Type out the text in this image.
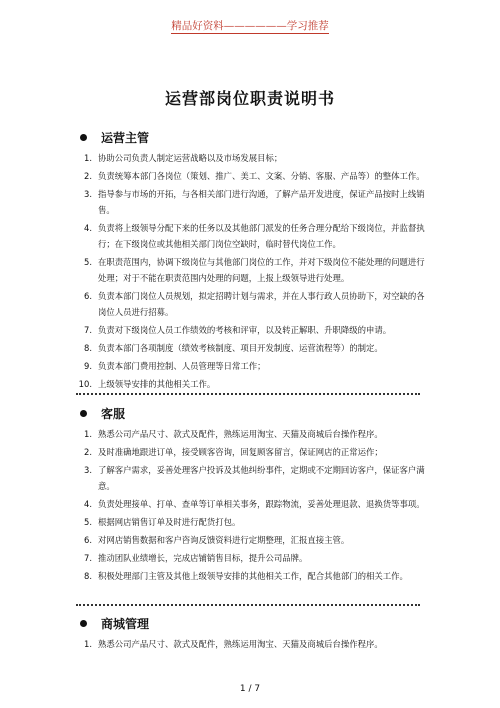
精品好资料——————学习推荐
运营部岗位职责说明书
运营主管
1. 协助公司负责人制定运营战略以及市场发展目标；
2. 负责统筹本部门各岗位（策划、推广、美工、文案、分销、客服、产品等）的整体工作。
3. 指导参与市场的开拓，与各相关部门进行沟通，了解产品开发进度，保证产品按时上线销售。
4. 负责将上级领导分配下来的任务以及其他部门派发的任务合理分配给下级岗位，并监督执行；在下级岗位或其他相关部门岗位空缺时，临时替代岗位工作。
5. 在职责范围内，协调下级岗位与其他部门岗位的工作，并对下级岗位不能处理的问题进行处理；对于不能在职责范围内处理的问题，上报上级领导进行处理。
6. 负责本部门岗位人员规划，拟定招聘计划与需求，并在人事行政人员协助下，对空缺的各岗位人员进行招募。
7. 负责对下级岗位人员工作绩效的考核和评审，以及转正解职、升职降级的申请。
8. 负责本部门各项制度（绩效考核制度、项目开发制度、运营流程等）的制定。
9. 负责本部门费用控制、人员管理等日常工作；
10. 上级领导安排的其他相关工作。
客服
1. 熟悉公司产品尺寸、款式及配件，熟练运用淘宝、天猫及商城后台操作程序。
2. 及时准确地跟进订单，接受顾客咨询，回复顾客留言，保证网店的正常运作；
3. 了解客户需求，妥善处理客户投诉及其他纠纷事件，定期或不定期回访客户，保证客户满意。
4. 负责处理接单、打单、查单等订单相关事务，跟踪物流，妥善处理退款、退换货等事项。
5. 根据网店销售订单及时进行配货打包。
6. 对网店销售数据和客户咨询反馈资料进行定期整理，汇报直接主管。
7. 推动团队业绩增长，完成店铺销售目标，提升公司品牌。
8. 积极处理部门主管及其他上级领导安排的其他相关工作，配合其他部门的相关工作。
商城管理
1. 熟悉公司产品尺寸、款式及配件，熟练运用淘宝、天猫及商城后台操作程序。
1 / 7
